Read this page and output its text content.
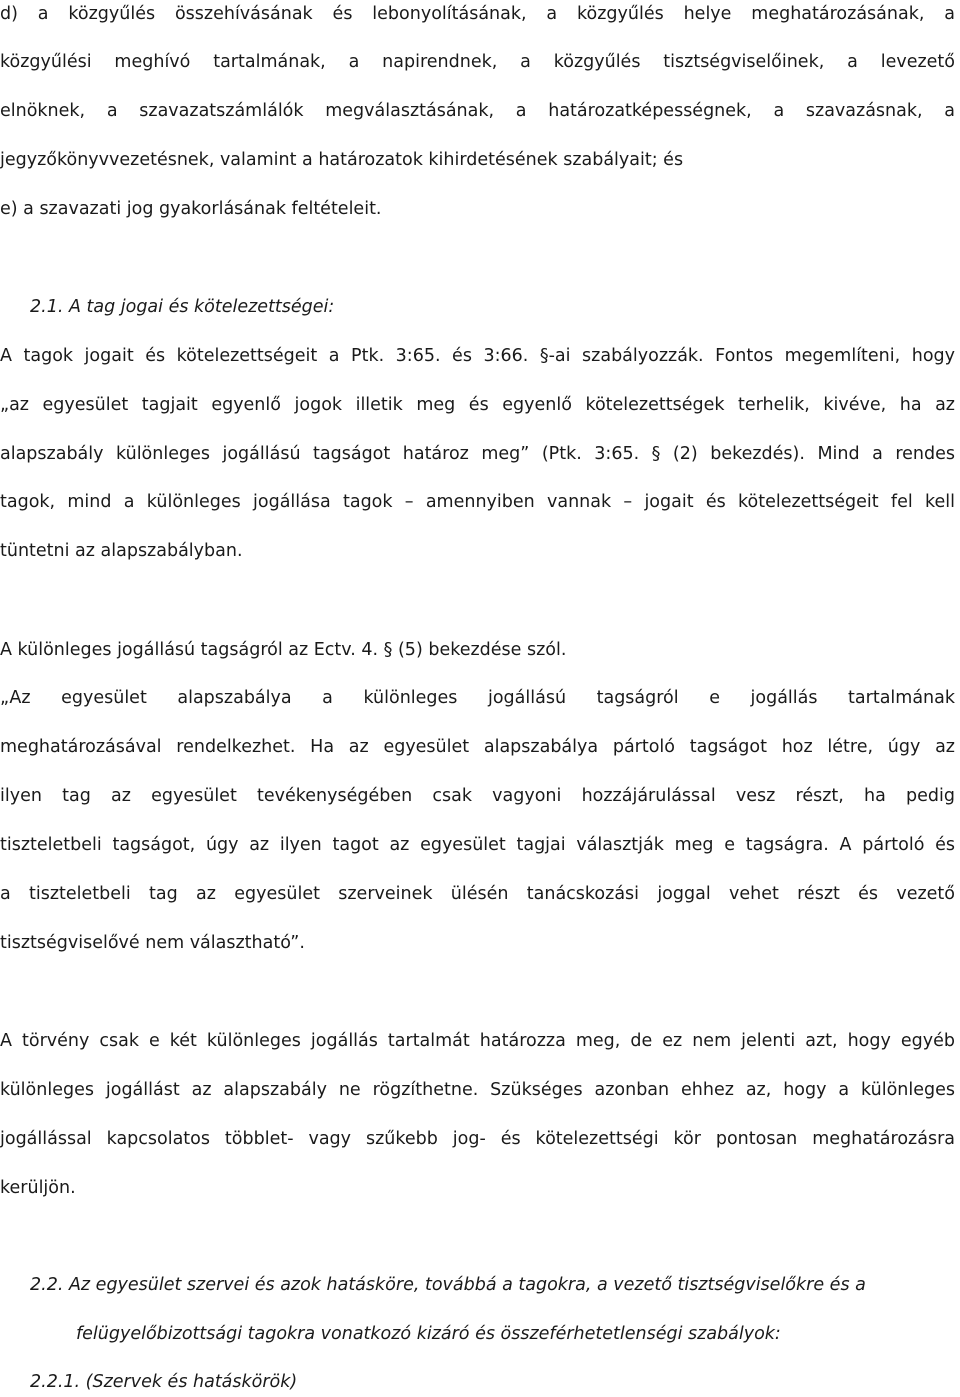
d) a közgyűlés összehívásának és lebonyolításának, a közgyűlés helye meghatározásának, a
közgyűlési meghívó tartalmának, a napirendnek, a közgyűlés tisztségviselőinek, a levezető
elnöknek, a szavazatszámlálók megválasztásának, a határozatképességnek, a szavazásnak, a
jegyzőkönyvvezetésnek, valamint a határozatok kihirdetésének szabályait; és
e) a szavazati jog gyakorlásának feltételeit.
2.1. A tag jogai és kötelezettségei:
A tagok jogait és kötelezettségeit a Ptk. 3:65. és 3:66. §-ai szabályozzák. Fontos megemlíteni, hogy
„az egyesület tagjait egyenlő jogok illetik meg és egyenlő kötelezettségek terhelik, kivéve, ha az
alapszabály különleges jogállású tagságot határoz meg” (Ptk. 3:65. § (2) bekezdés). Mind a rendes
tagok, mind a különleges jogállása tagok – amennyiben vannak – jogait és kötelezettségeit fel kell
tüntetni az alapszabályban.
A különleges jogállású tagságról az Ectv. 4. § (5) bekezdése szól.
„Az egyesület alapszabálya a különleges jogállású tagságról e jogállás tartalmának
meghatározásával rendelkezhet. Ha az egyesület alapszabálya pártoló tagságot hoz létre, úgy az
ilyen tag az egyesület tevékenységében csak vagyoni hozzájárulással vesz részt, ha pedig
tiszteletbeli tagságot, úgy az ilyen tagot az egyesület tagjai választják meg e tagságra. A pártoló és
a tiszteletbeli tag az egyesület szerveinek ülésén tanácskozási joggal vehet részt és vezető
tisztségviselővé nem választható”.
A törvény csak e két különleges jogállás tartalmát határozza meg, de ez nem jelenti azt, hogy egyéb
különleges jogállást az alapszabály ne rögzíthetne. Szükséges azonban ehhez az, hogy a különleges
jogállással kapcsolatos többlet- vagy szűkebb jog- és kötelezettségi kör pontosan meghatározásra
kerüljön.
2.2. Az egyesület szervei és azok hatásköre, továbbá a tagokra, a vezető tisztségviselőkre és a
felügyelőbizottsági tagokra vonatkozó kizáró és összeférhetetlenségi szabályok:
2.2.1. (Szervek és hatáskörök)
